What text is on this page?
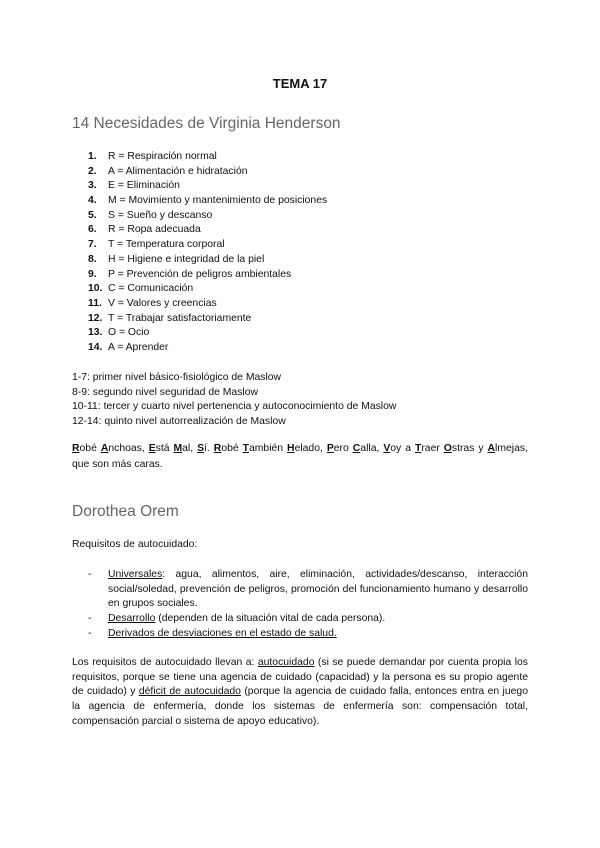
TEMA 17
14 Necesidades de Virginia Henderson
1. R = Respiración normal
2. A = Alimentación e hidratación
3. E = Eliminación
4. M = Movimiento y mantenimiento de posiciones
5. S = Sueño y descanso
6. R = Ropa adecuada
7. T = Temperatura corporal
8. H = Higiene e integridad de la piel
9. P = Prevención de peligros ambientales
10. C = Comunicación
11. V = Valores y creencias
12. T = Trabajar satisfactoriamente
13. O = Ocio
14. A = Aprender
1-7: primer nivel básico-fisiológico de Maslow
8-9: segundo nivel seguridad de Maslow
10-11: tercer y cuarto nivel pertenencia y autoconocimiento de Maslow
12-14: quinto nivel autorrealización de Maslow
Robé Anchoas, Está Mal, Sí. Robé También Helado, Pero Calla, Voy a Traer Ostras y Almejas, que son más caras.
Dorothea Orem
Requisitos de autocuidado:
- Universales: agua, alimentos, aire, eliminación, actividades/descanso, interacción social/soledad, prevención de peligros, promoción del funcionamiento humano y desarrollo en grupos sociales.
- Desarrollo (dependen de la situación vital de cada persona).
- Derivados de desviaciones en el estado de salud.
Los requisitos de autocuidado llevan a: autocuidado (si se puede demandar por cuenta propia los requisitos, porque se tiene una agencia de cuidado (capacidad) y la persona es su propio agente de cuidado) y déficit de autocuidado (porque la agencia de cuidado falla, entonces entra en juego la agencia de enfermería, donde los sistemas de enfermería son: compensación total, compensación parcial o sistema de apoyo educativo).
